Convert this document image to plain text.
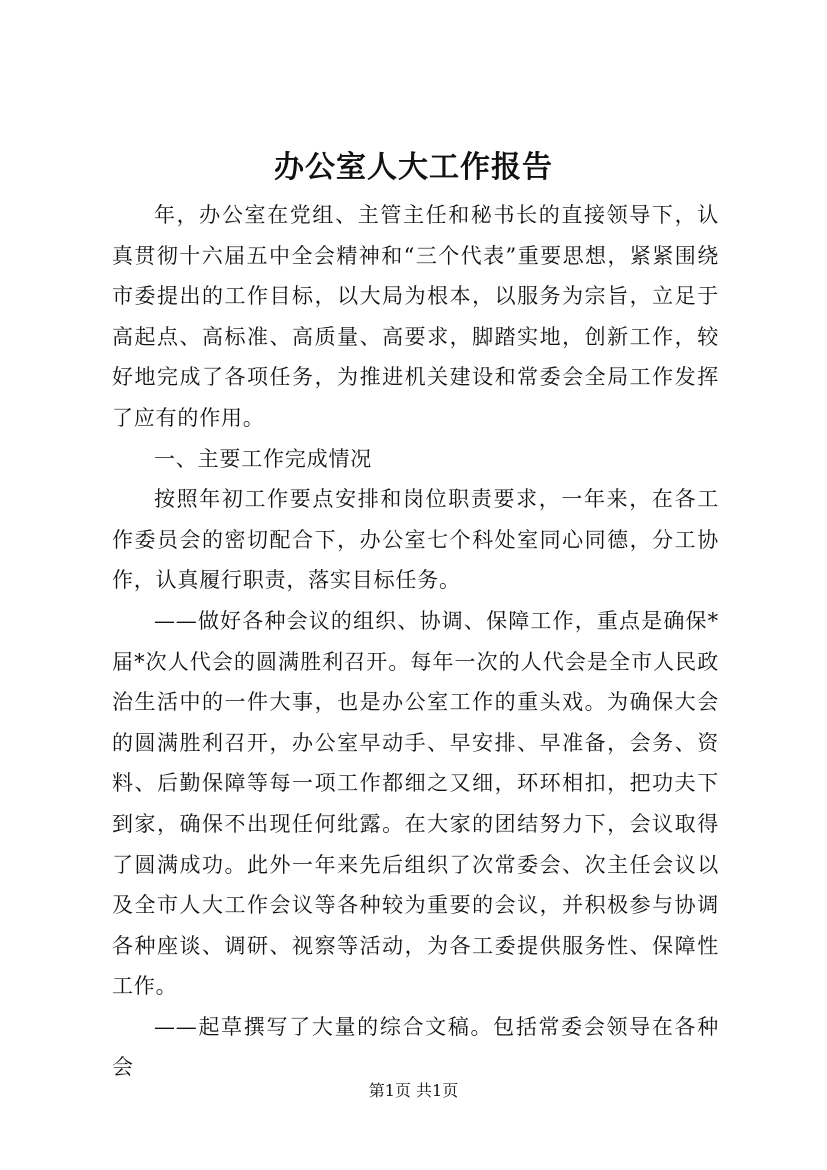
办公室人大工作报告

年，办公室在党组、主管主任和秘书长的直接领导下，认真贯彻十六届五中全会精神和“三个代表”重要思想，紧紧围绕市委提出的工作目标，以大局为根本，以服务为宗旨，立足于高起点、高标准、高质量、高要求，脚踏实地，创新工作，较好地完成了各项任务，为推进机关建设和常委会全局工作发挥了应有的作用。

一、主要工作完成情况

按照年初工作要点安排和岗位职责要求，一年来，在各工作委员会的密切配合下，办公室七个科处室同心同德，分工协作，认真履行职责，落实目标任务。

——做好各种会议的组织、协调、保障工作，重点是确保*届*次人代会的圆满胜利召开。每年一次的人代会是全市人民政治生活中的一件大事，也是办公室工作的重头戏。为确保大会的圆满胜利召开，办公室早动手、早安排、早准备，会务、资料、后勤保障等每一项工作都细之又细，环环相扣，把功夫下到家，确保不出现任何纰露。在大家的团结努力下，会议取得了圆满成功。此外一年来先后组织了次常委会、次主任会议以及全市人大工作会议等各种较为重要的会议，并积极参与协调各种座谈、调研、视察等活动，为各工委提供服务性、保障性工作。

——起草撰写了大量的综合文稿。包括常委会领导在各种会

第1页 共1页
